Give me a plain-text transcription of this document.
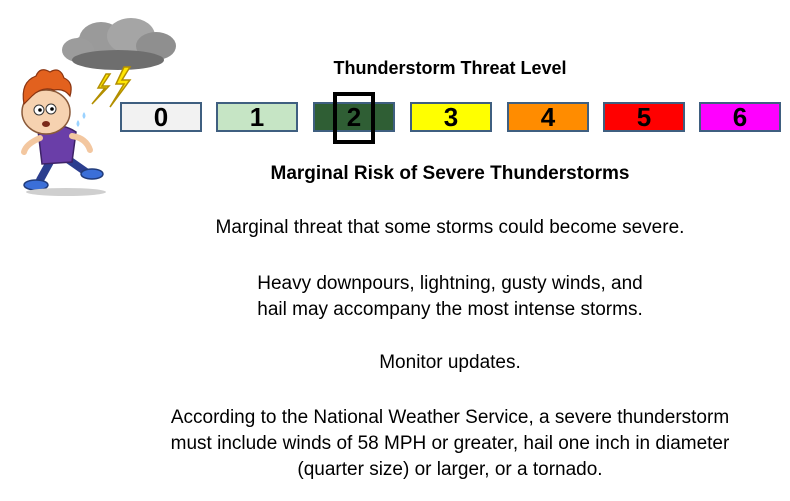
Thunderstorm Threat Level
0	1	2	3	4	5	6
Marginal Risk of Severe Thunderstorms
Marginal threat that some storms could become severe.
Heavy downpours, lightning, gusty winds, and
hail may accompany the most intense storms.
Monitor updates.
According to the National Weather Service, a severe thunderstorm
must include winds of 58 MPH or greater, hail one inch in diameter
(quarter size) or larger, or a tornado.
